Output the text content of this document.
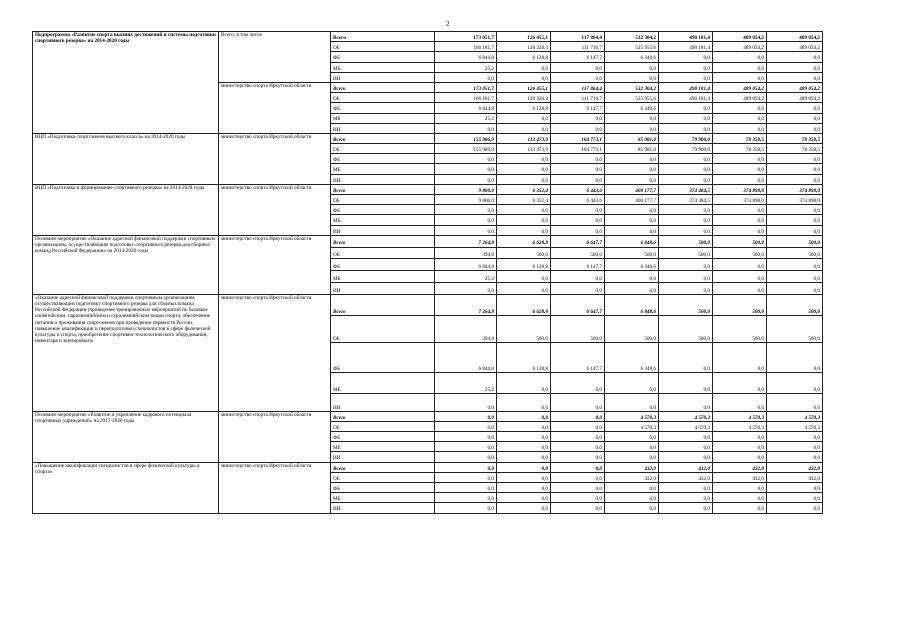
2
Подпрограмма «Развитие спорта высших достижений и системы подготовки спортивного резерва» на 2014-2020 годы	Всего, в том числе	Всего	173 051,7	126 455,1	117 864,4	532 304,2	490 181,4	489 054,2	489 054,2
		ОБ	166 181,7	120 326,3	111 716,7	525 955,6	490 181,4	489 054,2	489 054,2
		ФБ	6 844,8	6 128,8	6 147,7	6 348,6	0,0	0,0	0,0
		МБ	25,2	0,0	0,0	0,0	0,0	0,0	0,0
		ИИ	0,0	0,0	0,0	0,0	0,0	0,0	0,0
	министерство спорта Иркутской области	Всего	173 051,7	126 455,1	117 864,4	532 304,2	490 181,4	489 054,2	489 054,2
		ОБ	166 181,7	120 326,3	111 716,7	525 955,6	490 181,4	489 054,2	489 054,2
		ФБ	6 844,8	6 128,8	6 147,7	6 348,6	0,0	0,0	0,0
		МБ	25,2	0,0	0,0	0,0	0,0	0,0	0,0
		ИИ	0,0	0,0	0,0	0,0	0,0	0,0	0,0
ВЦП «Подготовка спортсменов высшего класса» на 2014-2020 годы	министерство спорта Иркутской области	Всего	155 986,9	113 473,9	104 773,1	85 981,0	79 900,0	78 358,5	78 358,5
		ОБ	155 986,9	113 473,9	104 773,1	85 981,0	79 900,0	78 358,5	78 358,5
		ФБ	0,0	0,0	0,0	0,0	0,0	0,0	0,0
		МБ	0,0	0,0	0,0	0,0	0,0	0,0	0,0
		ИИ	0,0	0,0	0,0	0,0	0,0	0,0	0,0
ВЦП «Подготовка и формирование спортивного резерва» на 2014-2020 годы	министерство спорта Иркутской области	Всего	9 800,0	6 352,4	6 443,6	400 177,7	374 484,5	374 898,0	374 898,0
		ОБ	9 800,0	6 352,4	6 443,6	400 177,7	374 484,5	374 898,0	374 898,0
		ФБ	0,0	0,0	0,0	0,0	0,0	0,0	0,0
		МБ	0,0	0,0	0,0	0,0	0,0	0,0	0,0
		ИИ	0,0	0,0	0,0	0,0	0,0	0,0	0,0
Основное мероприятие «Оказание адресной финансовой поддержки спортивным организациям, осуществляющим подготовку спортивного резерва для сборных команд Российской Федерации» на 2014-2020 годы	министерство спорта Иркутской области	Всего	7 264,8	6 628,8	6 647,7	6 848,6	500,0	500,0	500,0
		ОБ	394,8	500,0	500,0	500,0	500,0	500,0	500,0
		ФБ	6 844,8	6 128,8	6 147,7	6 348,6	0,0	0,0	0,0
		МБ	25,2	0,0	0,0	0,0	0,0	0,0	0,0
		ИИ	0,0	0,0	0,0	0,0	0,0	0,0	0,0
«Оказание адресной финансовой поддержки спортивным организациям, осуществляющим подготовку спортивного резерва для сборных команд Российской Федерации (проведение тренировочных мероприятий по базовым олимпийским, паралимпийским и сурдлимпийским видам спорта, обеспечение питания и проживания спортсменов при проведении первенств России, повышение квалификации и переподготовки специалистов в сфере физической культуры и спорта, приобретение спортивно-технологического оборудования, инвентаря и экипировки)»	министерство спорта Иркутской области	Всего	7 264,8	6 628,8	6 647,7	6 848,6	500,0	500,0	500,0
		ОБ	394,8	500,0	500,0	500,0	500,0	500,0	500,0
		ФБ	6 844,8	6 128,8	6 147,7	6 348,6	0,0	0,0	0,0
		МБ	25,2	0,0	0,0	0,0	0,0	0,0	0,0
		ИИ	0,0	0,0	0,0	0,0	0,0	0,0	0,0
Основное мероприятие «Развитие и укрепление кадрового потенциала спортивных учреждений» на 2017-2020 годы	министерство спорта Иркутской области	Всего	0,0	0,0	0,0	4 570,3	4 570,3	4 570,3	4 570,3
		ОБ	0,0	0,0	0,0	4 570,3	4 570,3	4 570,3	4 570,3
		ФБ	0,0	0,0	0,0	0,0	0,0	0,0	0,0
		МБ	0,0	0,0	0,0	0,0	0,0	0,0	0,0
		ИИ	0,0	0,0	0,0	0,0	0,0	0,0	0,0
«Повышение квалификации специалистов в сфере физической культуры и спорта»	министерство спорта Иркутской области	Всего	0,0	0,0	0,0	432,0	432,0	432,0	432,0
		ОБ	0,0	0,0	0,0	432,0	432,0	432,0	432,0
		ФБ	0,0	0,0	0,0	0,0	0,0	0,0	0,0
		МБ	0,0	0,0	0,0	0,0	0,0	0,0	0,0
		ИИ	0,0	0,0	0,0	0,0	0,0	0,0	0,0
